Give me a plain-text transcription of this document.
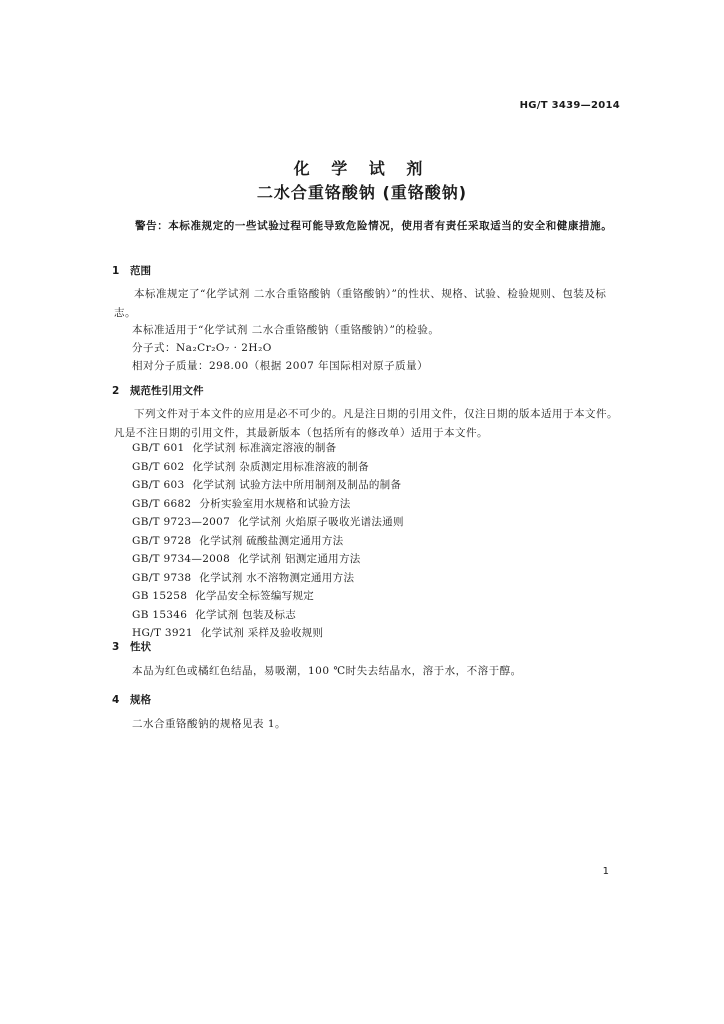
HG/T 3439—2014
化 学 试 剂
二水合重铬酸钠 (重铬酸钠)
警告：本标准规定的一些试验过程可能导致危险情况，使用者有责任采取适当的安全和健康措施。
1 范围
本标准规定了“化学试剂 二水合重铬酸钠（重铬酸钠）”的性状、规格、试验、检验规则、包装及标志。
本标准适用于“化学试剂 二水合重铬酸钠（重铬酸钠）”的检验。
分子式：Na₂Cr₂O₇ · 2H₂O
相对分子质量：298.00（根据 2007 年国际相对原子质量）
2 规范性引用文件
下列文件对于本文件的应用是必不可少的。凡是注日期的引用文件，仅注日期的版本适用于本文件。凡是不注日期的引用文件，其最新版本（包括所有的修改单）适用于本文件。
GB/T 601 化学试剂 标准滴定溶液的制备
GB/T 602 化学试剂 杂质测定用标准溶液的制备
GB/T 603 化学试剂 试验方法中所用制剂及制品的制备
GB/T 6682 分析实验室用水规格和试验方法
GB/T 9723—2007 化学试剂 火焰原子吸收光谱法通则
GB/T 9728 化学试剂 硫酸盐测定通用方法
GB/T 9734—2008 化学试剂 铝测定通用方法
GB/T 9738 化学试剂 水不溶物测定通用方法
GB 15258 化学品安全标签编写规定
GB 15346 化学试剂 包装及标志
HG/T 3921 化学试剂 采样及验收规则
3 性状
本品为红色或橘红色结晶，易吸潮，100 ℃时失去结晶水，溶于水，不溶于醇。
4 规格
二水合重铬酸钠的规格见表 1。
1
